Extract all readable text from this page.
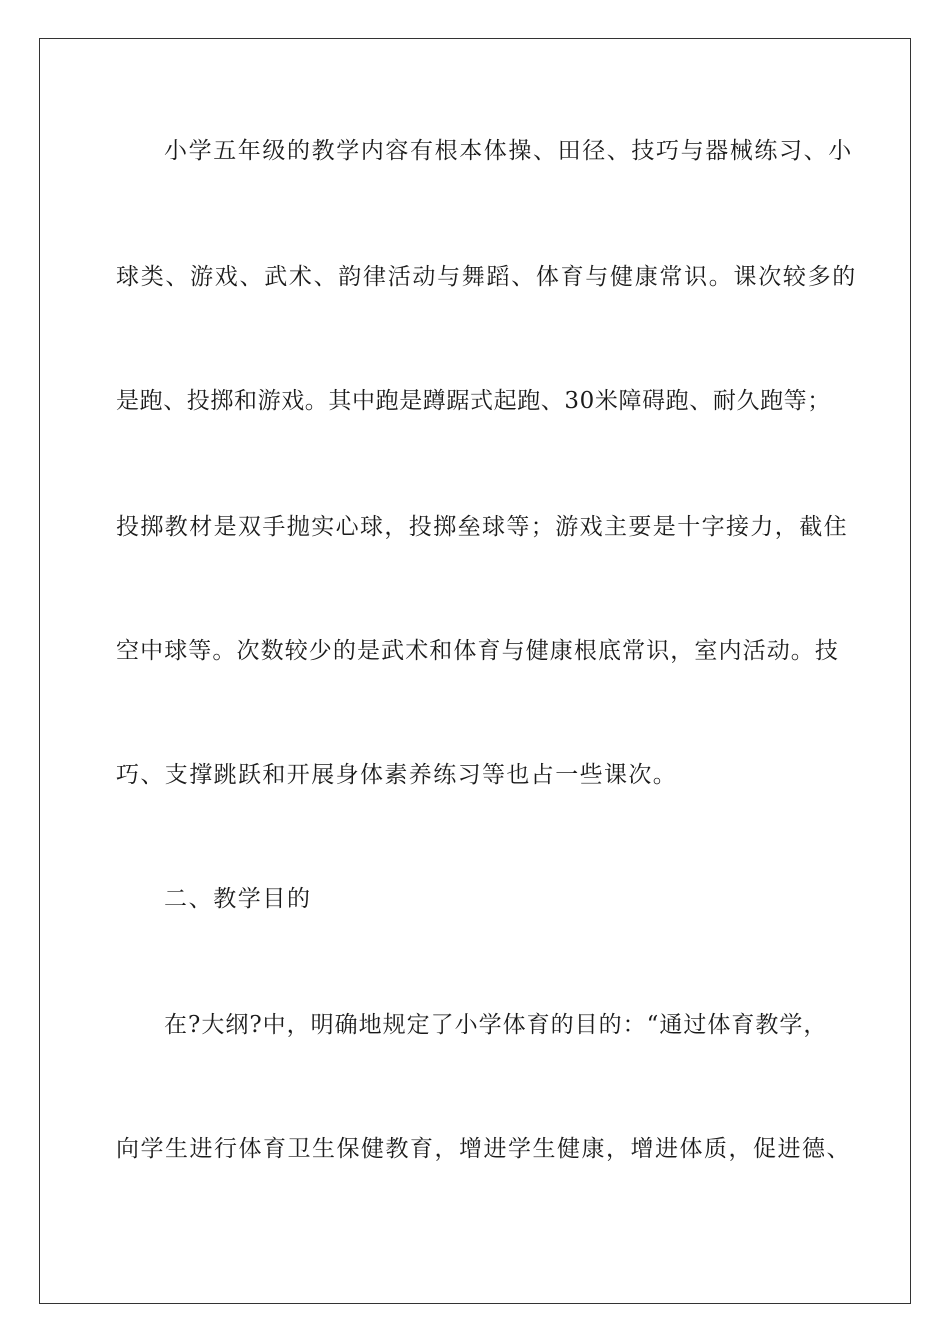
小学五年级的教学内容有根本体操、田径、技巧与器械练习、小
球类、游戏、武术、韵律活动与舞蹈、体育与健康常识。课次较多的
是跑、投掷和游戏。其中跑是蹲踞式起跑、30米障碍跑、耐久跑等；
投掷教材是双手抛实心球，投掷垒球等；游戏主要是十字接力，截住
空中球等。次数较少的是武术和体育与健康根底常识，室内活动。技
巧、支撑跳跃和开展身体素养练习等也占一些课次。
二、教学目的
在?大纲?中，明确地规定了小学体育的目的：“通过体育教学，
向学生进行体育卫生保健教育，增进学生健康，增进体质，促进德、
